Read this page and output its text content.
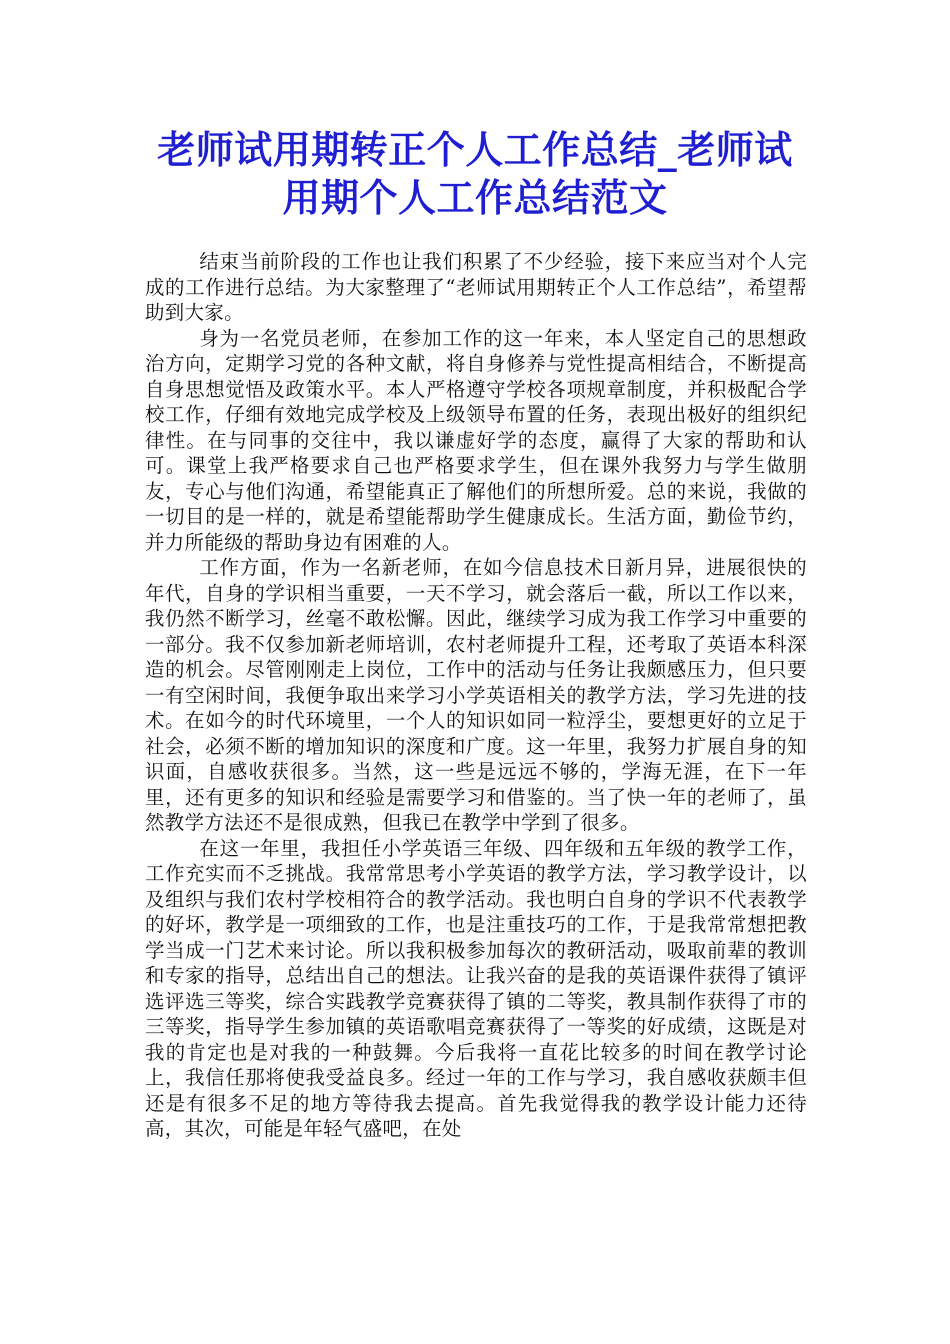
老师试用期转正个人工作总结_老师试用期个人工作总结范文

结束当前阶段的工作也让我们积累了不少经验，接下来应当对个人完成的工作进行总结。为大家整理了“老师试用期转正个人工作总结”，希望帮助到大家。

身为一名党员老师，在参加工作的这一年来，本人坚定自己的思想政治方向，定期学习党的各种文献，将自身修养与党性提高相结合，不断提高自身思想觉悟及政策水平。本人严格遵守学校各项规章制度，并积极配合学校工作，仔细有效地完成学校及上级领导布置的任务，表现出极好的组织纪律性。在与同事的交往中，我以谦虚好学的态度，赢得了大家的帮助和认可。课堂上我严格要求自己也严格要求学生，但在课外我努力与学生做朋友，专心与他们沟通，希望能真正了解他们的所想所爱。总的来说，我做的一切目的是一样的，就是希望能帮助学生健康成长。生活方面，勤俭节约，并力所能级的帮助身边有困难的人。

工作方面，作为一名新老师，在如今信息技术日新月异，进展很快的年代，自身的学识相当重要，一天不学习，就会落后一截，所以工作以来，我仍然不断学习，丝毫不敢松懈。因此，继续学习成为我工作学习中重要的一部分。我不仅参加新老师培训，农村老师提升工程，还考取了英语本科深造的机会。尽管刚刚走上岗位，工作中的活动与任务让我颇感压力，但只要一有空闲时间，我便争取出来学习小学英语相关的教学方法，学习先进的技术。在如今的时代环境里，一个人的知识如同一粒浮尘，要想更好的立足于社会，必须不断的增加知识的深度和广度。这一年里，我努力扩展自身的知识面，自感收获很多。当然，这一些是远远不够的，学海无涯，在下一年里，还有更多的知识和经验是需要学习和借鉴的。当了快一年的老师了，虽然教学方法还不是很成熟，但我已在教学中学到了很多。

在这一年里，我担任小学英语三年级、四年级和五年级的教学工作，工作充实而不乏挑战。我常常思考小学英语的教学方法，学习教学设计，以及组织与我们农村学校相符合的教学活动。我也明白自身的学识不代表教学的好坏，教学是一项细致的工作，也是注重技巧的工作，于是我常常想把教学当成一门艺术来讨论。所以我积极参加每次的教研活动，吸取前辈的教训和专家的指导，总结出自己的想法。让我兴奋的是我的英语课件获得了镇评选评选三等奖，综合实践教学竞赛获得了镇的二等奖，教具制作获得了市的三等奖，指导学生参加镇的英语歌唱竞赛获得了一等奖的好成绩，这既是对我的肯定也是对我的一种鼓舞。今后我将一直花比较多的时间在教学讨论上，我信任那将使我受益良多。经过一年的工作与学习，我自感收获颇丰但还是有很多不足的地方等待我去提高。首先我觉得我的教学设计能力还待高，其次，可能是年轻气盛吧，在处
